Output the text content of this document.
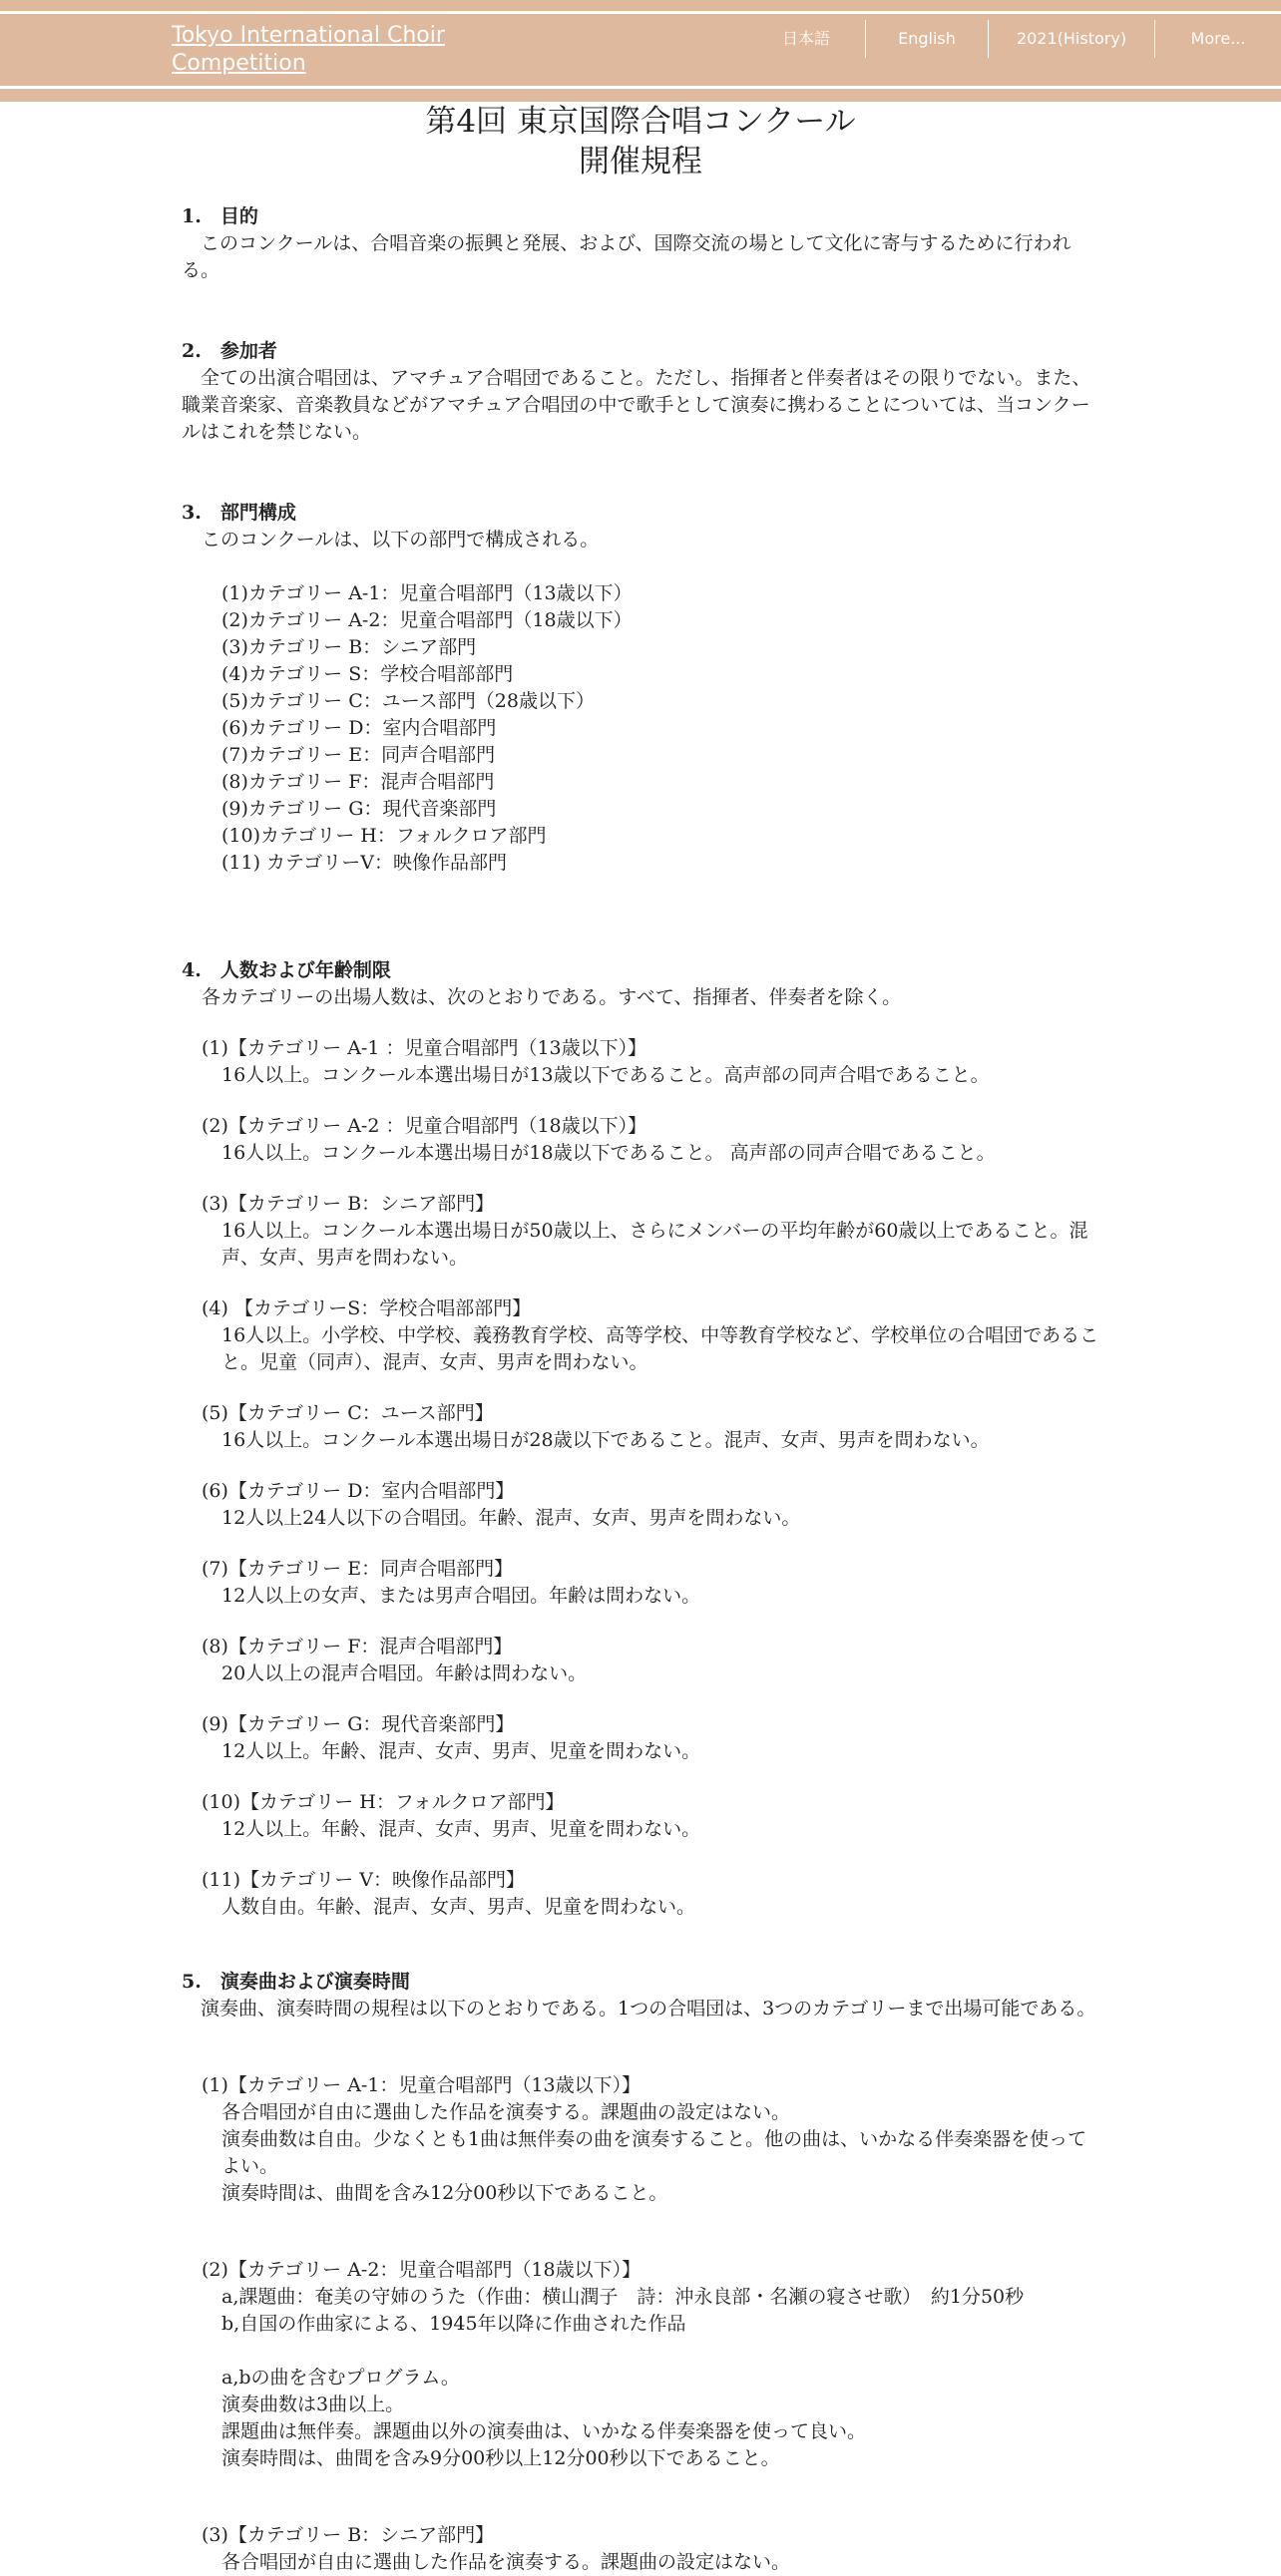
Tokyo International Choir Competition
日本語	English	2021(History)	More...
第4回 東京国際合唱コンクール
開催規程
1.　目的

　このコンクールは、合唱音楽の振興と発展、および、国際交流の場として文化に寄与するために行われる。

2.　参加者

　全ての出演合唱団は、アマチュア合唱団であること。ただし、指揮者と伴奏者はその限りでない。また、職業音楽家、音楽教員などがアマチュア合唱団の中で歌手として演奏に携わることについては、当コンクールはこれを禁じない。

3.　部門構成

このコンクールは、以下の部門で構成される。

(1)カテゴリー A-1：児童合唱部門（13歳以下）

(2)カテゴリー A-2：児童合唱部門（18歳以下）

(3)カテゴリー B：シニア部門

(4)カテゴリー S：学校合唱部部門

(5)カテゴリー C：ユース部門（28歳以下）

(6)カテゴリー D：室内合唱部門

(7)カテゴリー E：同声合唱部門

(8)カテゴリー F：混声合唱部門

(9)カテゴリー G：現代音楽部門

(10)カテゴリー H：フォルクロア部門

(11) カテゴリーV：映像作品部門

4.　人数および年齢制限

各カテゴリーの出場人数は、次のとおりである。すべて、指揮者、伴奏者を除く。

(1)【カテゴリー A-1 ：児童合唱部門（13歳以下）】

16人以上。コンクール本選出場日が13歳以下であること。高声部の同声合唱であること。

(2)【カテゴリー A-2 ：児童合唱部門（18歳以下）】

16人以上。コンクール本選出場日が18歳以下であること。 高声部の同声合唱であること。

(3)【カテゴリー B：シニア部門】

16人以上。コンクール本選出場日が50歳以上、さらにメンバーの平均年齢が60歳以上であること。混声、女声、男声を問わない。

(4) 【カテゴリーS：学校合唱部部門】

16人以上。小学校、中学校、義務教育学校、高等学校、中等教育学校など、学校単位の合唱団であること。児童（同声）、混声、女声、男声を問わない。

(5)【カテゴリー C：ユース部門】

16人以上。コンクール本選出場日が28歳以下であること。混声、女声、男声を問わない。

(6)【カテゴリー D：室内合唱部門】

12人以上24人以下の合唱団。年齢、混声、女声、男声を問わない。

(7)【カテゴリー E：同声合唱部門】

12人以上の女声、または男声合唱団。年齢は問わない。

(8)【カテゴリー F：混声合唱部門】

20人以上の混声合唱団。年齢は問わない。

(9)【カテゴリー G：現代音楽部門】

12人以上。年齢、混声、女声、男声、児童を問わない。

(10)【カテゴリー H：フォルクロア部門】

12人以上。年齢、混声、女声、男声、児童を問わない。

(11)【カテゴリー V：映像作品部門】

人数自由。年齢、混声、女声、男声、児童を問わない。

5.　演奏曲および演奏時間

　演奏曲、演奏時間の規程は以下のとおりである。1つの合唱団は、3つのカテゴリーまで出場可能である。

(1)【カテゴリー A-1：児童合唱部門（13歳以下）】

各合唱団が自由に選曲した作品を演奏する。課題曲の設定はない。

演奏曲数は自由。少なくとも1曲は無伴奏の曲を演奏すること。他の曲は、いかなる伴奏楽器を使ってよい。

演奏時間は、曲間を含み12分00秒以下であること。

(2)【カテゴリー A-2：児童合唱部門（18歳以下）】

a,課題曲：奄美の守姉のうた（作曲：横山潤子　詩：沖永良部・名瀬の寝させ歌）　約1分50秒

b,自国の作曲家による、1945年以降に作曲された作品

a,bの曲を含むプログラム。

演奏曲数は3曲以上。

課題曲は無伴奏。課題曲以外の演奏曲は、いかなる伴奏楽器を使って良い。

演奏時間は、曲間を含み9分00秒以上12分00秒以下であること。

(3)【カテゴリー B：シニア部門】

各合唱団が自由に選曲した作品を演奏する。課題曲の設定はない。
